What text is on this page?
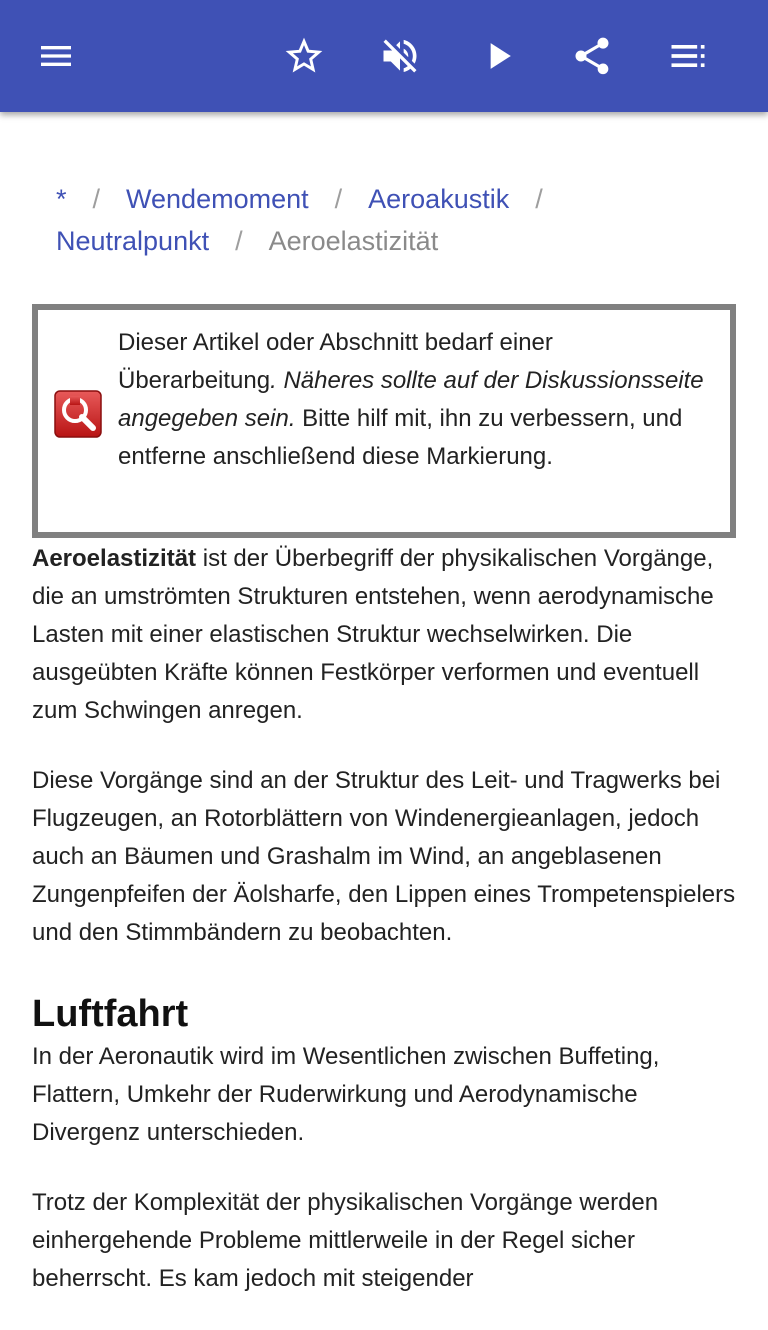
* / Wendemoment / Aeroakustik /
Neutralpunkt / Aeroelastizität
Dieser Artikel oder Abschnitt bedarf einer Überarbeitung. Näheres sollte auf der Diskussionsseite angegeben sein. Bitte hilf mit, ihn zu verbessern, und entferne anschließend diese Markierung.

Aeroelastizität ist der Überbegriff der physikalischen Vorgänge, die an umströmten Strukturen entstehen, wenn aerodynamische Lasten mit einer elastischen Struktur wechselwirken. Die ausgeübten Kräfte können Festkörper verformen und eventuell zum Schwingen anregen.

Diese Vorgänge sind an der Struktur des Leit- und Tragwerks bei Flugzeugen, an Rotorblättern von Windenergieanlagen, jedoch auch an Bäumen und Grashalm im Wind, an angeblasenen Zungenpfeifen der Äolsharfe, den Lippen eines Trompetenspielers und den Stimmbändern zu beobachten.

Luftfahrt

In der Aeronautik wird im Wesentlichen zwischen Buffeting, Flattern, Umkehr der Ruderwirkung und Aerodynamische Divergenz unterschieden.

Trotz der Komplexität der physikalischen Vorgänge werden einhergehende Probleme mittlerweile in der Regel sicher beherrscht. Es kam jedoch mit steigender
